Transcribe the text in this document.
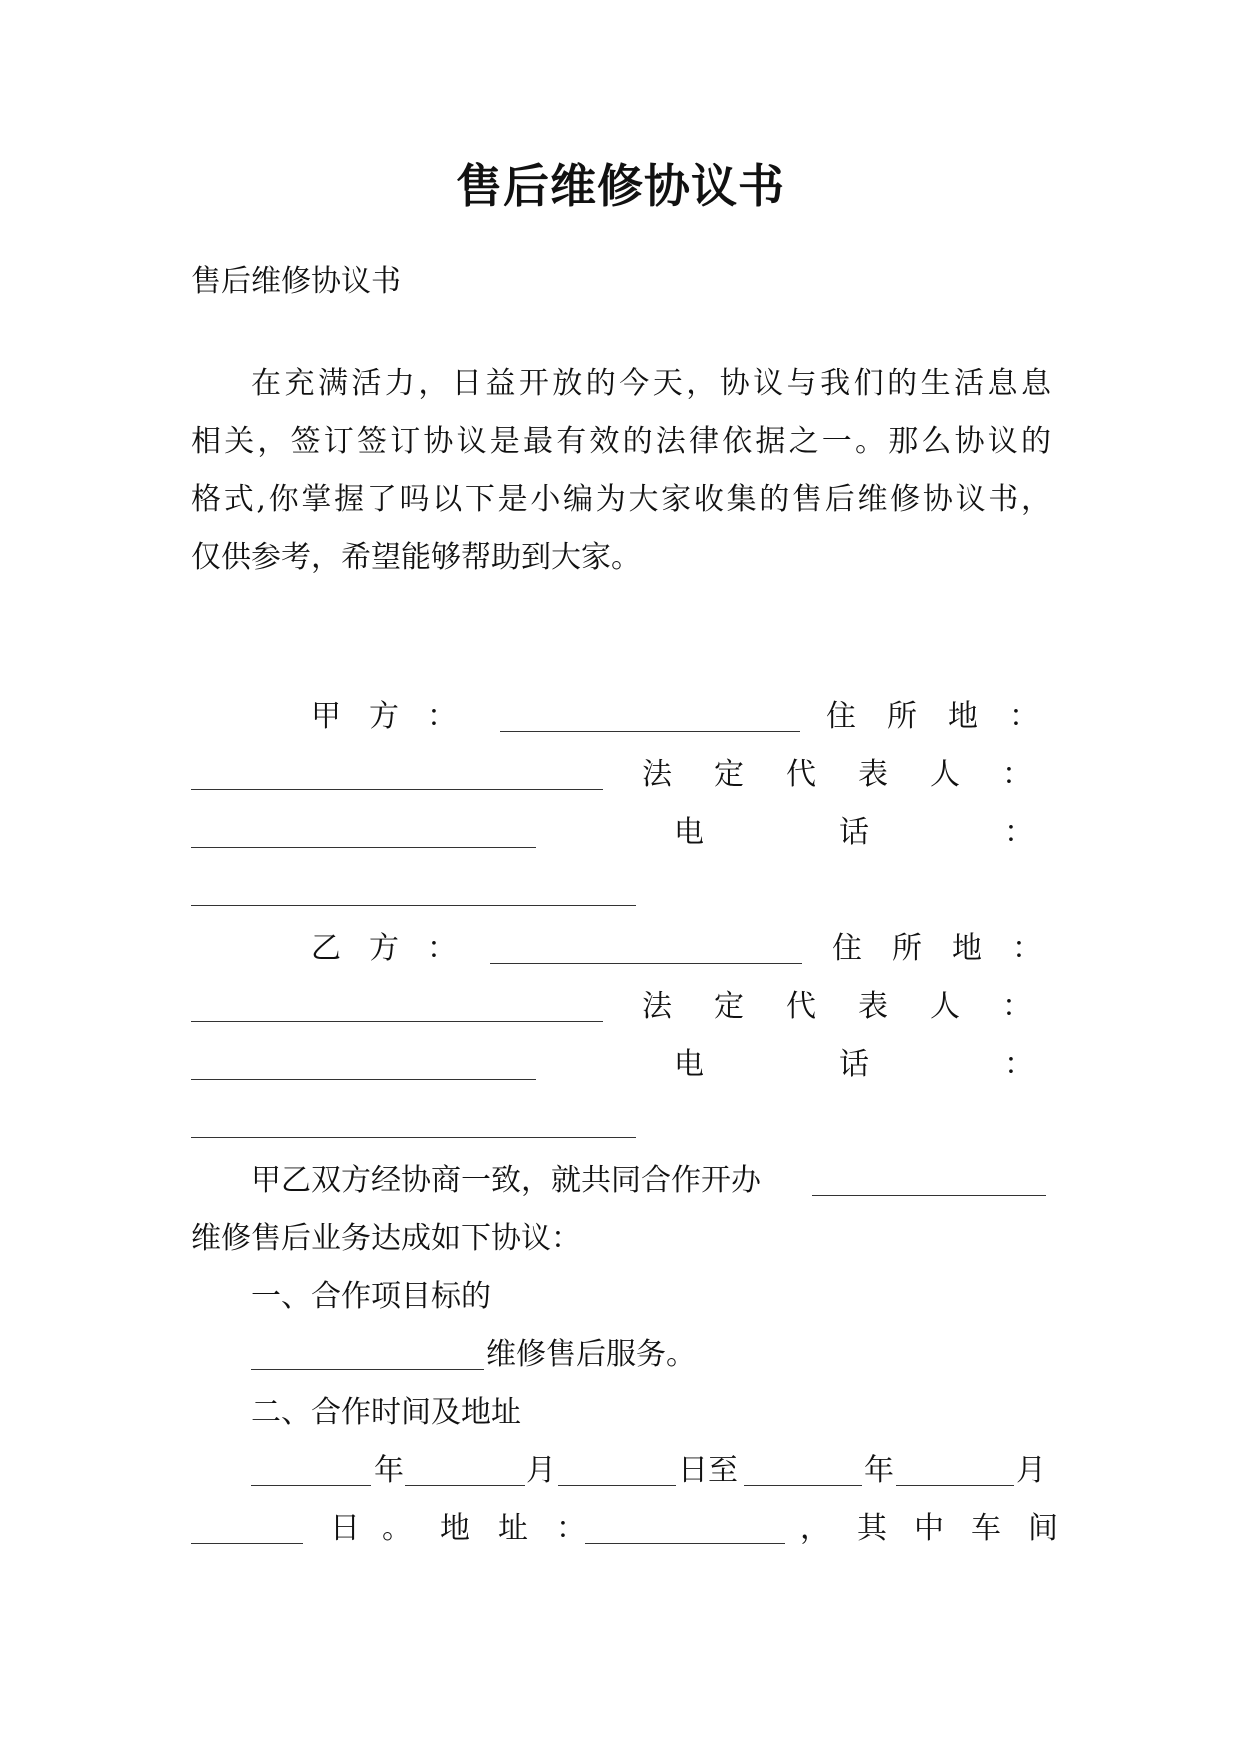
售后维修协议书

售后维修协议书

在充满活力，日益开放的今天，协议与我们的生活息息

相关，签订签订协议是最有效的法律依据之一。那么协议的

格式,你掌握了吗以下是小编为大家收集的售后维修协议书，

仅供参考，希望能够帮助到大家。

甲方：	住所地：
法定代表人：
电话：
乙方：	住所地：
法定代表人：
电话：
甲乙双方经协商一致，就共同合作开办
维修售后业务达成如下协议：
一、合作项目标的
维修售后服务。
二、合作时间及地址
年	月	日至	年	月
日 。地址：	，其中车间
